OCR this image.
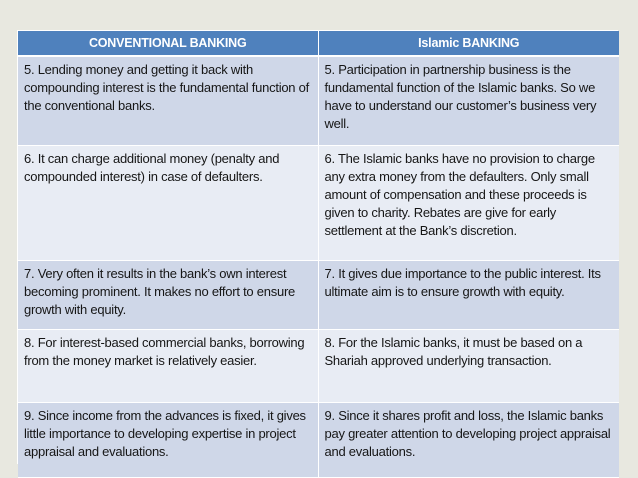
CONVENTIONAL BANKING	Islamic BANKING
5. Lending money and getting it back with compounding interest is the fundamental function of the conventional banks.	5. Participation in partnership business is the fundamental function of the Islamic banks. So we have to understand our customer’s business very well.
6. It can charge additional money (penalty and compounded interest) in case of defaulters.	6. The Islamic banks have no provision to charge any extra money from the defaulters. Only small amount of compensation and these proceeds is given to charity. Rebates are give for early settlement at the Bank’s discretion.
7. Very often it results in the bank’s own interest becoming prominent. It makes no effort to ensure growth with equity.	7. It gives due importance to the public interest. Its ultimate aim is to ensure growth with equity.
8. For interest-based commercial banks, borrowing from the money market is relatively easier.	8. For the Islamic banks, it must be based on a Shariah approved underlying transaction.
9. Since income from the advances is fixed, it gives little importance to developing expertise in project appraisal and evaluations.	9. Since it shares profit and loss, the Islamic banks pay greater attention to developing project appraisal and evaluations.
